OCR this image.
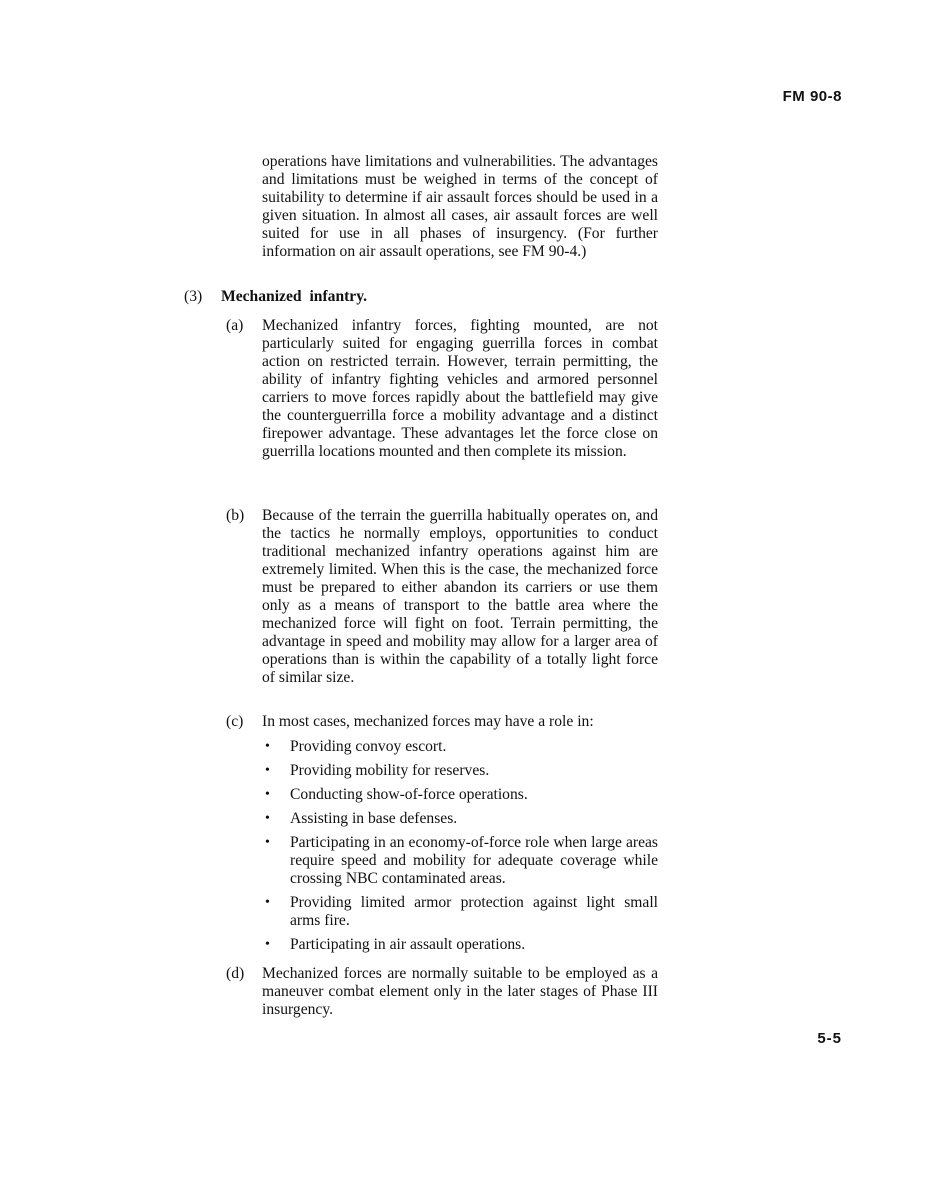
FM 90-8
operations have limitations and vulnerabilities. The advantages and limitations must be weighed in terms of the concept of suitability to determine if air assault forces should be used in a given situation. In almost all cases, air assault forces are well suited for use in all phases of insurgency. (For further information on air assault operations, see FM 90-4.)
(3) Mechanized infantry.
(a)	Mechanized infantry forces, fighting mounted, are not particularly suited for engaging guerrilla forces in combat action on restricted terrain. However, terrain permitting, the ability of infantry fighting vehicles and armored personnel carriers to move forces rapidly about the battlefield may give the counterguerrilla force a mobility advantage and a distinct firepower advantage. These advantages let the force close on guerrilla locations mounted and then complete its mission.
(b)	Because of the terrain the guerrilla habitually operates on, and the tactics he normally employs, opportunities to conduct traditional mechanized infantry operations against him are extremely limited. When this is the case, the mechanized force must be prepared to either abandon its carriers or use them only as a means of transport to the battle area where the mechanized force will fight on foot. Terrain permitting, the advantage in speed and mobility may allow for a larger area of operations than is within the capability of a totally light force of similar size.
(c)	In most cases, mechanized forces may have a role in:
• Providing convoy escort.
• Providing mobility for reserves.
• Conducting show-of-force operations.
• Assisting in base defenses.
• Participating in an economy-of-force role when large areas require speed and mobility for adequate coverage while crossing NBC contaminated areas.
• Providing limited armor protection against light small arms fire.
• Participating in air assault operations.
(d)	Mechanized forces are normally suitable to be employed as a maneuver combat element only in the later stages of Phase III insurgency.
5-5
